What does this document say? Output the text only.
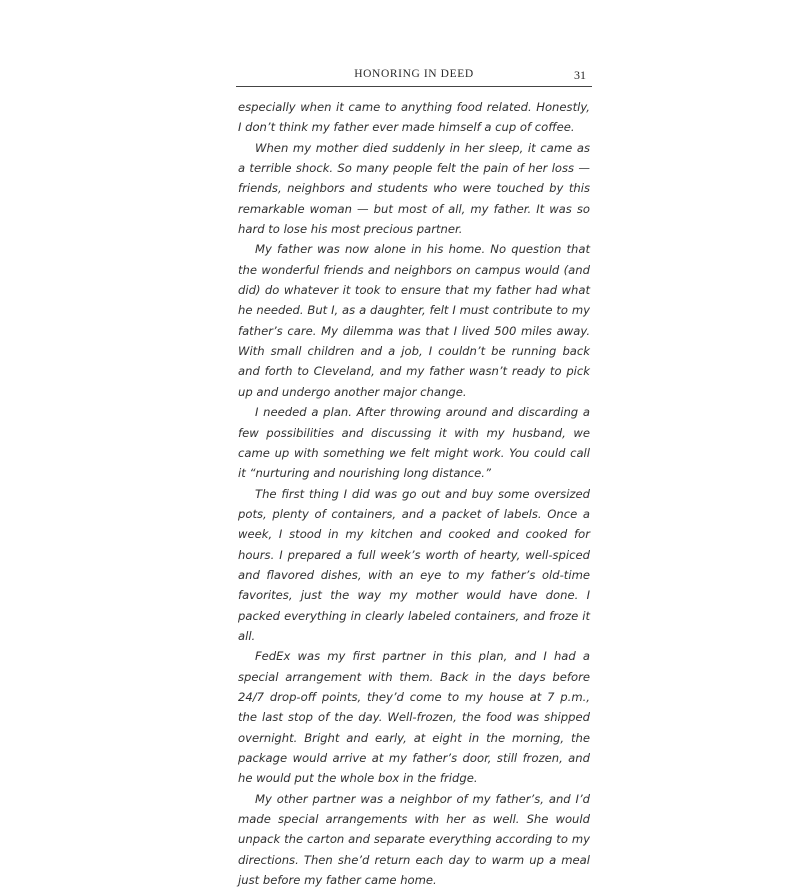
HONORING IN DEED	31

especially when it came to anything food related. Honestly, I don’t think my father ever made himself a cup of coffee.

When my mother died suddenly in her sleep, it came as a terrible shock. So many people felt the pain of her loss — friends, neighbors and students who were touched by this remarkable woman — but most of all, my father. It was so hard to lose his most precious partner.

My father was now alone in his home. No question that the wonderful friends and neighbors on campus would (and did) do whatever it took to ensure that my father had what he needed. But I, as a daughter, felt I must contribute to my father’s care. My dilemma was that I lived 500 miles away. With small children and a job, I couldn’t be running back and forth to Cleveland, and my father wasn’t ready to pick up and undergo another major change.

I needed a plan. After throwing around and discarding a few possibilities and discussing it with my husband, we came up with something we felt might work. You could call it “nurturing and nourishing long distance.”

The first thing I did was go out and buy some oversized pots, plenty of containers, and a packet of labels. Once a week, I stood in my kitchen and cooked and cooked for hours. I prepared a full week’s worth of hearty, well-spiced and flavored dishes, with an eye to my father’s old-time favorites, just the way my mother would have done. I packed everything in clearly labeled containers, and froze it all.

FedEx was my first partner in this plan, and I had a special arrangement with them. Back in the days before 24/7 drop-off points, they’d come to my house at 7 p.m., the last stop of the day. Well-frozen, the food was shipped overnight. Bright and early, at eight in the morning, the package would arrive at my father’s door, still frozen, and he would put the whole box in the fridge.

My other partner was a neighbor of my father’s, and I’d made special arrangements with her as well. She would unpack the carton and separate everything according to my directions. Then she’d return each day to warm up a meal just before my father came home.
